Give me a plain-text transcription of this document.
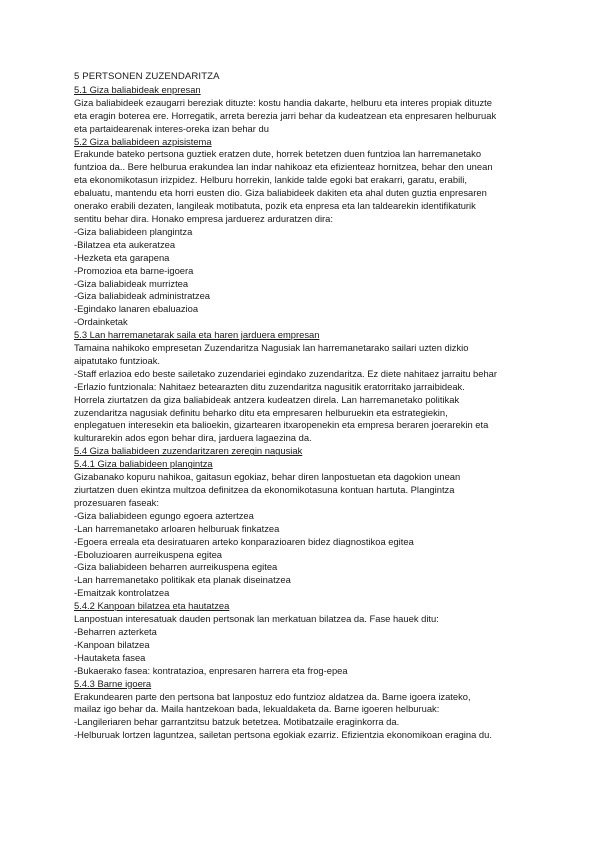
5 PERTSONEN ZUZENDARITZA

5.1 Giza baliabideak enpresan

Giza baliabideek ezaugarri bereziak dituzte: kostu handia dakarte, helburu eta interes propiak dituzte

eta eragin boterea ere. Horregatik, arreta berezia jarri behar da kudeatzean eta enpresaren helburuak

eta partaidearenak interes-oreka izan behar du

5.2 Giza baliabideen azpisistema

Erakunde bateko pertsona guztiek eratzen dute, horrek betetzen duen funtzioa lan harremanetako

funtzioa da.. Bere helburua erakundea lan indar nahikoaz eta efizienteaz hornitzea, behar den unean

eta ekonomikotasun irizpidez. Helburu horrekin, lankide talde egoki bat erakarri, garatu, erabili,

ebaluatu, mantendu eta horri eusten dio. Giza baliabideek dakiten eta ahal duten guztia enpresaren

onerako erabili dezaten, langileak motibatuta, pozik eta enpresa eta lan taldearekin identifikaturik

sentitu behar dira. Honako empresa jarduerez arduratzen dira:

-Giza baliabideen plangintza

-Bilatzea eta aukeratzea

-Hezketa eta garapena

-Promozioa eta barne-igoera

-Giza baliabideak murriztea

-Giza baliabideak administratzea

-Egindako lanaren ebaluazioa

-Ordainketak

5.3 Lan harremanetarak saila eta haren jarduera empresan

Tamaina nahikoko empresetan Zuzendaritza Nagusiak lan harremanetarako sailari uzten dizkio

aipatutako funtzioak.

-Staff erlazioa edo beste sailetako zuzendariei egindako zuzendaritza. Ez diete nahitaez jarraitu behar

-Erlazio funtzionala: Nahitaez betearazten ditu zuzendaritza nagusitik eratorritako jarraibideak.

Horrela ziurtatzen da giza baliabideak antzera kudeatzen direla. Lan harremanetako politikak

zuzendaritza nagusiak definitu beharko ditu eta empresaren helburuekin eta estrategiekin,

enplegatuen interesekin eta balioekin, gizartearen itxaropenekin eta empresa beraren joerarekin eta

kulturarekin ados egon behar dira, jarduera lagaezina da.

5.4 Giza baliabideen zuzendaritzaren zeregin nagusiak

5.4.1 Giza baliabideen plangintza

Gizabanako kopuru nahikoa, gaitasun egokiaz, behar diren lanpostuetan eta dagokion unean

ziurtatzen duen ekintza multzoa definitzea da ekonomikotasuna kontuan hartuta. Plangintza

prozesuaren faseak:

-Giza baliabideen egungo egoera aztertzea

-Lan harremanetako arloaren helburuak finkatzea

-Egoera erreala eta desiratuaren arteko konparazioaren bidez diagnostikoa egitea

-Eboluzioaren aurreikuspena egitea

-Giza baliabideen beharren aurreikuspena egitea

-Lan harremanetako politikak eta planak diseinatzea

-Emaitzak kontrolatzea

5.4.2 Kanpoan bilatzea eta hautatzea

Lanpostuan interesatuak dauden pertsonak lan merkatuan bilatzea da. Fase hauek ditu:

-Beharren azterketa

-Kanpoan bilatzea

-Hautaketa fasea

-Bukaerako fasea: kontratazioa, enpresaren harrera eta frog-epea

5.4.3 Barne igoera

Erakundearen parte den pertsona bat lanpostuz edo funtzioz aldatzea da. Barne igoera izateko,

mailaz igo behar da. Maila hantzekoan bada, lekualdaketa da. Barne igoeren helburuak:

-Langileriaren behar garrantzitsu batzuk betetzea. Motibatzaile eraginkorra da.

-Helburuak lortzen laguntzea, sailetan pertsona egokiak ezarriz. Efizientzia ekonomikoan eragina du.
